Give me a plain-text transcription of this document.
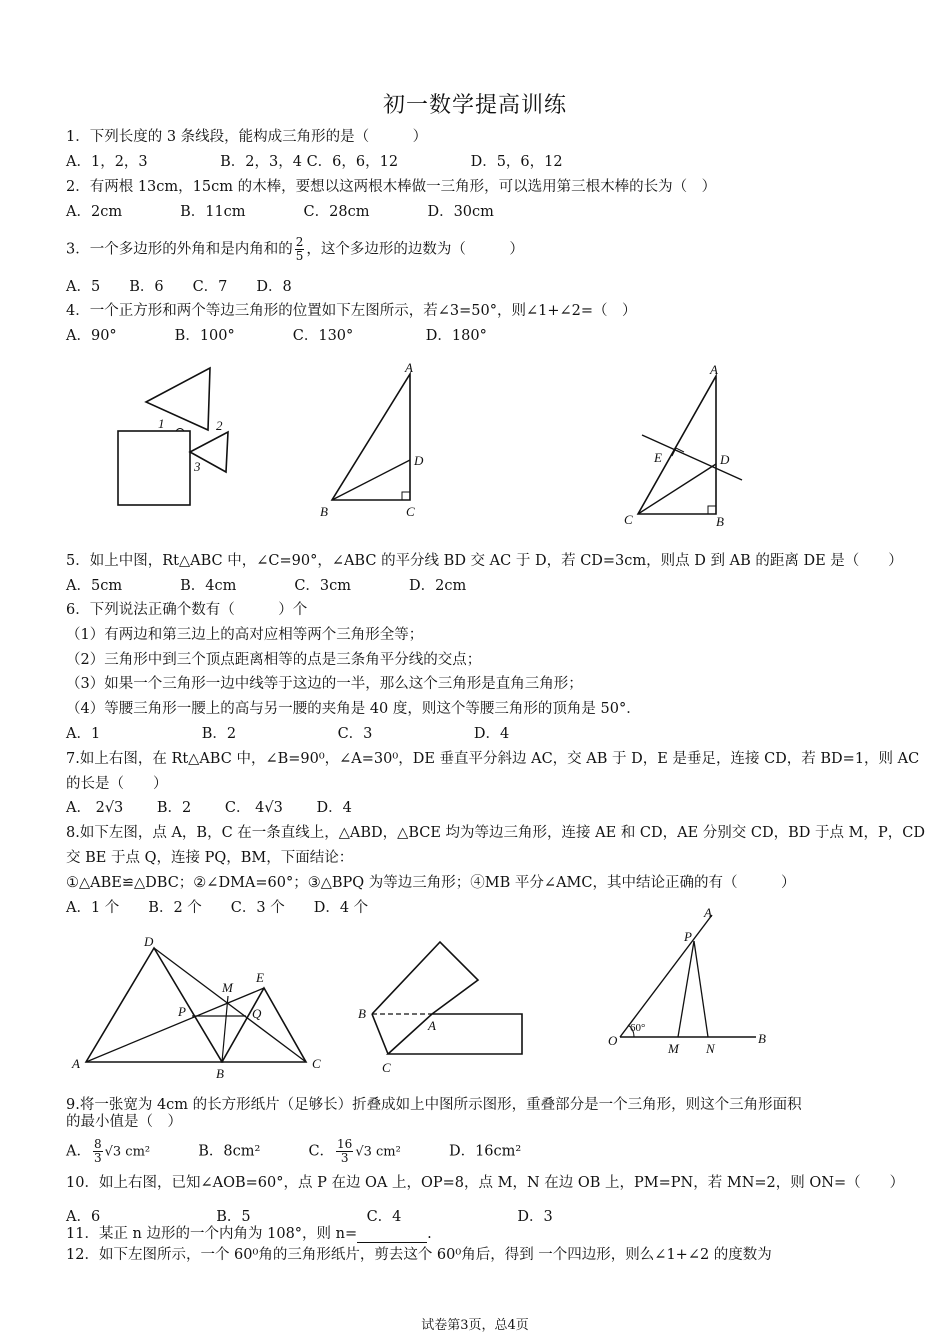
初一数学提高训练
1．下列长度的 3 条线段，能构成三角形的是（　　　）
A．1，2，3　　　　　B．2，3，4 C．6，6，12　　　　　D．5，6，12
2．有两根 13cm，15cm 的木棒，要想以这两根木棒做一三角形，可以选用第三根木棒的长为（　）
A．2cm　　　　B．11cm　　　　C．28cm　　　　D．30cm
3．一个多边形的外角和是内角和的 $\frac{2}{5}$ ，这个多边形的边数为（　　　）
A．5　　B．6　　C．7　　D．8
4．一个正方形和两个等边三角形的位置如下左图所示，若∠3=50°，则∠1+∠2=（　）
A．90°　　　　B．100°　　　　C．130°　　　　　D．180°
1	2
3
A
D
B	C
A
E	D
C	B
5．如上中图，Rt△ABC 中，∠C=90°，∠ABC 的平分线 BD 交 AC 于 D，若 CD=3cm，则点 D 到 AB 的距离 DE 是（　　）
A．5cm　　　　B．4cm　　　　C．3cm　　　　D．2cm
6．下列说法正确个数有（　　　）个
（1）有两边和第三边上的高对应相等两个三角形全等；
（2）三角形中到三个顶点距离相等的点是三条角平分线的交点；
（3）如果一个三角形一边中线等于这边的一半，那么这个三角形是直角三角形；
（4）等腰三角形一腰上的高与另一腰的夹角是 40 度，则这个等腰三角形的顶角是 50°．
A．1　　　　　　　B．2　　　　　　　C．3　　　　　　　D．4
7.如上右图，在 Rt△ABC 中，∠B=90⁰，∠A=30⁰，DE 垂直平分斜边 AC，交 AB 于 D，E 是垂足，连接 CD，若 BD=1，则 AC
的长是（　　）
A． 2√3　　 B．2　　 C． 4√3　　 D．4
8.如下左图，点 A，B，C 在一条直线上，△ABD，△BCE 均为等边三角形，连接 AE 和 CD，AE 分别交 CD，BD 于点 M，P，CD
交 BE 于点 Q，连接 PQ，BM，下面结论：
①△ABE≌△DBC；②∠DMA=60°；③△BPQ 为等边三角形；④MB 平分∠AMC，其中结论正确的有（　　　）
A．1 个　　B．2 个　　C．3 个　　D．4 个
D
E
M
P	Q
A
B
C
B
A
C
A
P
60°
O
M N
B
9.将一张宽为 4cm 的长方形纸片（足够长）折叠成如上中图所示图形，重叠部分是一个三角形，则这个三角形面积
的最小值是（　）
A． $\frac{8}{3} √3$ cm²　　　	B．8cm²　　　	C． $\frac{16}{3} √3$ cm²　　　	D．16cm²
10．如上右图，已知∠AOB=60°，点 P 在边 OA 上，OP=8，点 M，N 在边 OB 上，PM=PN，若 MN=2，则 ON=（　　）
A．6　　　　　　　　B．5　　　　　　　　C．4　　　　　　　　D．3
11．某正 n 边形的一个内角为 108°，则 n=	.
12．如下左图所示，一个 60⁰角的三角形纸片，剪去这个 60⁰角后，得到 一个四边形，则么∠1+∠2 的度数为
试卷第3页，总4页
